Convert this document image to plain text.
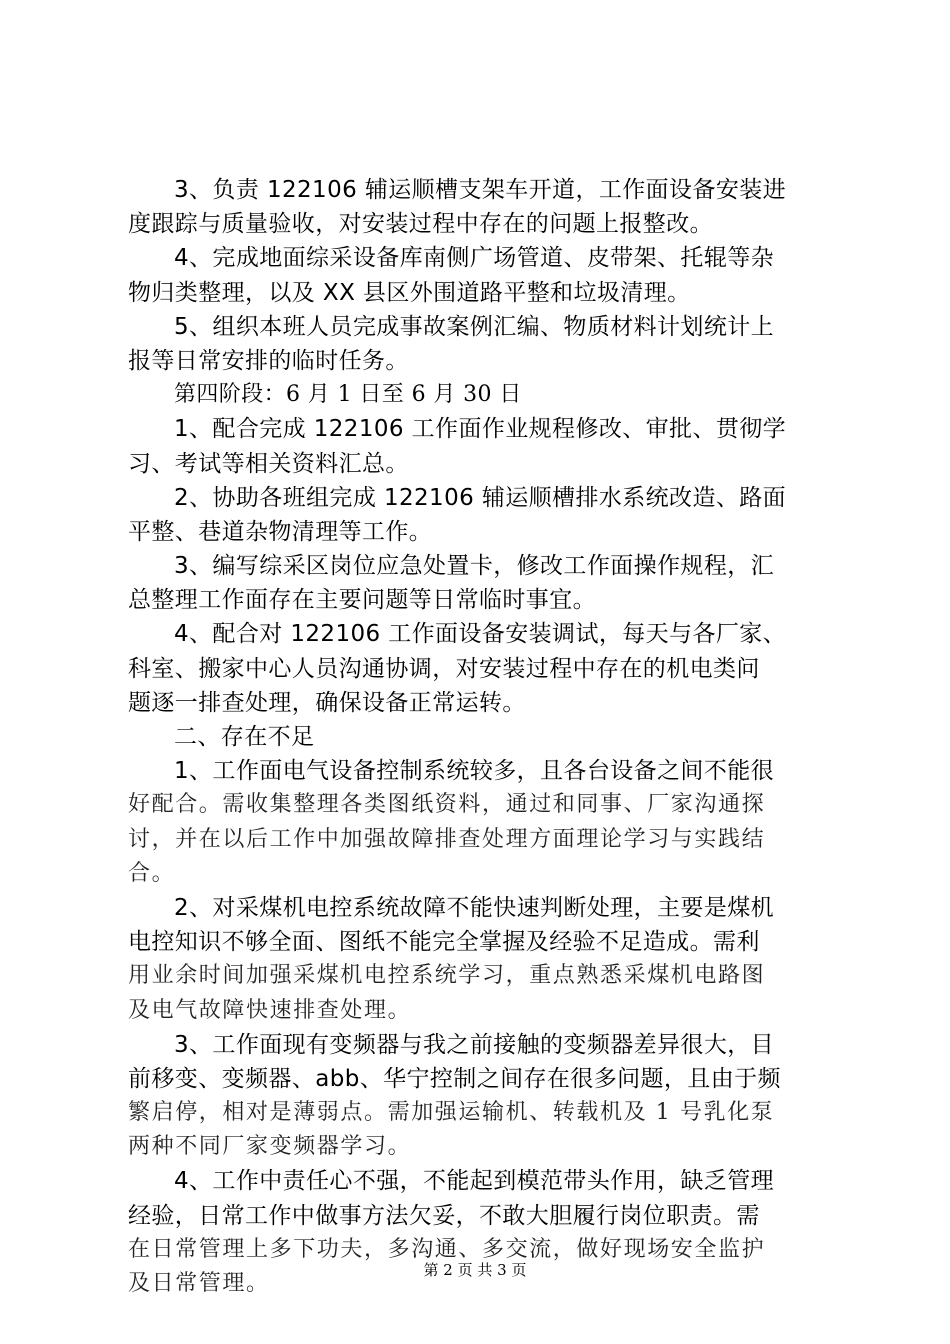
3、负责 122106 辅运顺槽支架车开道，工作面设备安装进
度跟踪与质量验收，对安装过程中存在的问题上报整改。
4、完成地面综采设备库南侧广场管道、皮带架、托辊等杂
物归类整理，以及 XX 县区外围道路平整和垃圾清理。
5、组织本班人员完成事故案例汇编、物质材料计划统计上
报等日常安排的临时任务。
第四阶段：6 月 1 日至 6 月 30 日
1、配合完成 122106 工作面作业规程修改、审批、贯彻学
习、考试等相关资料汇总。
2、协助各班组完成 122106 辅运顺槽排水系统改造、路面
平整、巷道杂物清理等工作。
3、编写综采区岗位应急处置卡，修改工作面操作规程，汇
总整理工作面存在主要问题等日常临时事宜。
4、配合对 122106 工作面设备安装调试，每天与各厂家、
科室、搬家中心人员沟通协调，对安装过程中存在的机电类问
题逐一排查处理，确保设备正常运转。
二、存在不足
1、工作面电气设备控制系统较多，且各台设备之间不能很
好配合。需收集整理各类图纸资料，通过和同事、厂家沟通探
讨，并在以后工作中加强故障排查处理方面理论学习与实践结
合。
2、对采煤机电控系统故障不能快速判断处理，主要是煤机
电控知识不够全面、图纸不能完全掌握及经验不足造成。需利
用业余时间加强采煤机电控系统学习，重点熟悉采煤机电路图
及电气故障快速排查处理。
3、工作面现有变频器与我之前接触的变频器差异很大，目
前移变、变频器、abb、华宁控制之间存在很多问题，且由于频
繁启停，相对是薄弱点。需加强运输机、转载机及 1 号乳化泵
两种不同厂家变频器学习。
4、工作中责任心不强，不能起到模范带头作用，缺乏管理
经验，日常工作中做事方法欠妥，不敢大胆履行岗位职责。需
在日常管理上多下功夫，多沟通、多交流，做好现场安全监护
及日常管理。
第 2 页 共 3 页
